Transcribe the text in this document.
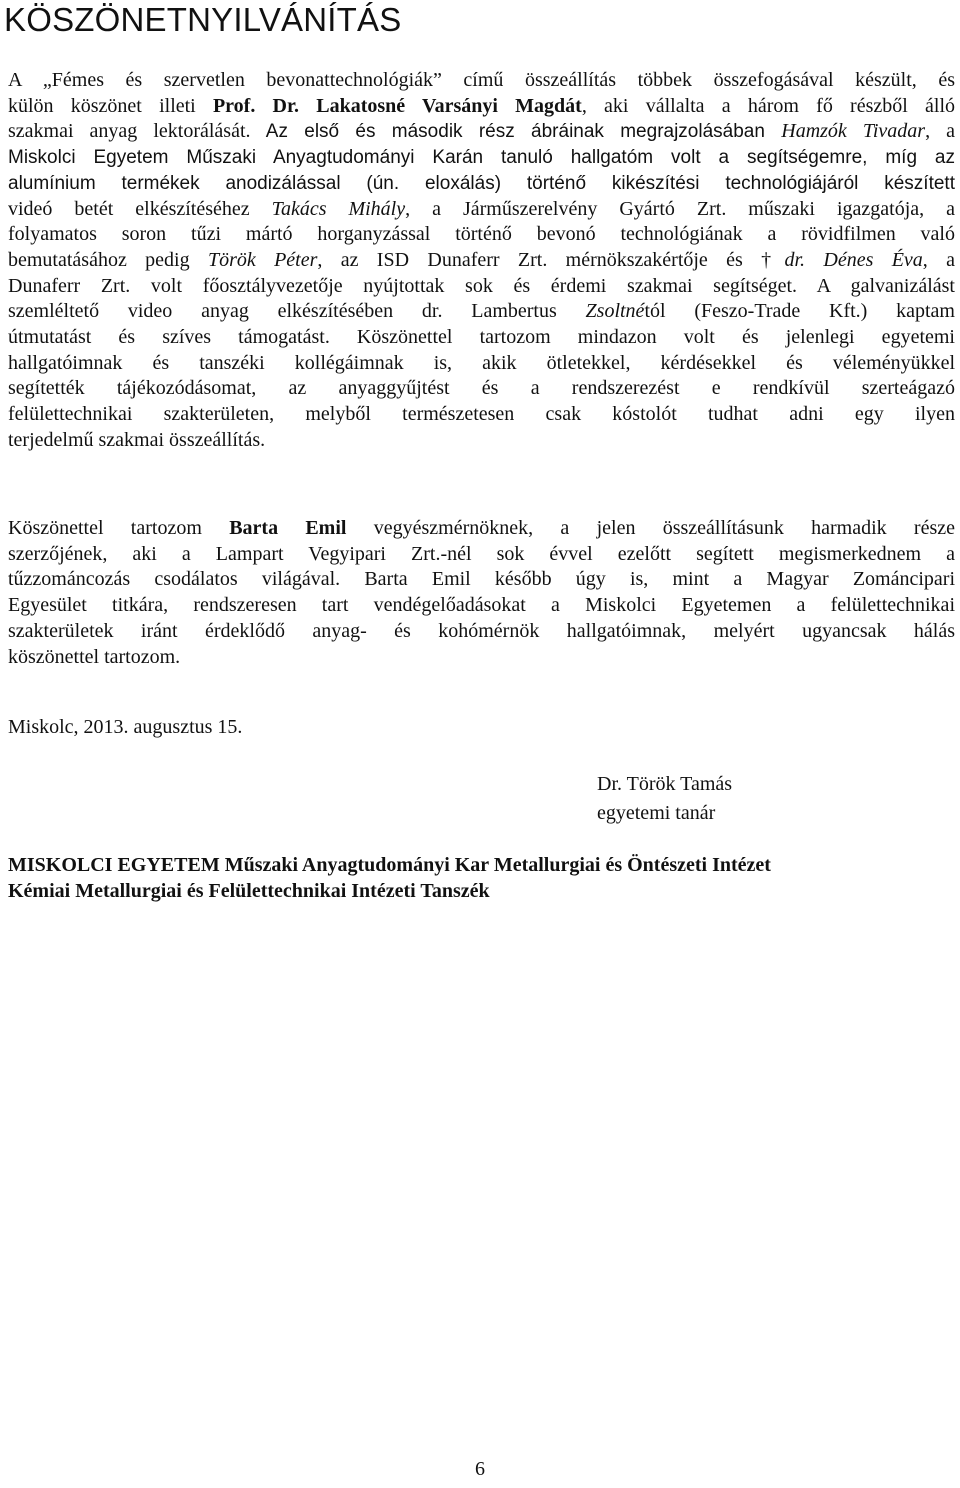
KÖSZÖNETNYILVÁNÍTÁS
A „Fémes és szervetlen bevonattechnológiák” című összeállítás többek összefogásával készült, és
külön köszönet illeti Prof. Dr. Lakatosné Varsányi Magdát, aki vállalta a három fő részből álló
szakmai anyag lektorálását. Az első és második rész ábráinak megrajzolásában Hamzók Tivadar, a
Miskolci Egyetem Műszaki Anyagtudományi Karán tanuló hallgatóm volt a segítségemre, míg az
alumínium termékek anodizálással (ún. eloxálás) történő kikészítési technológiájáról készített
videó betét elkészítéséhez Takács Mihály, a Járműszerelvény Gyártó Zrt. műszaki igazgatója, a
folyamatos soron tűzi mártó horganyzással történő bevonó technológiának a rövidfilmen való
bemutatásához pedig Török Péter, az ISD Dunaferr Zrt. mérnökszakértője és †dr. Dénes Éva, a
Dunaferr Zrt. volt főosztályvezetője nyújtottak sok és érdemi szakmai segítséget. A galvanizálást
szemléltető video anyag elkészítésében dr. Lambertus Zsoltnétól (Feszo-Trade Kft.) kaptam
útmutatást és szíves támogatást. Köszönettel tartozom mindazon volt és jelenlegi egyetemi
hallgatóimnak és tanszéki kollégáimnak is, akik ötletekkel, kérdésekkel és véleményükkel
segítették tájékozódásomat, az anyaggyűjtést és a rendszerezést e rendkívül szerteágazó
felülettechnikai szakterületen, melyből természetesen csak kóstolót tudhat adni egy ilyen
terjedelmű szakmai összeállítás.
Köszönettel tartozom Barta Emil vegyészmérnöknek, a jelen összeállításunk harmadik része
szerzőjének, aki a Lampart Vegyipari Zrt.-nél sok évvel ezelőtt segített megismerkednem a
tűzzománcozás csodálatos világával. Barta Emil később úgy is, mint a Magyar Zománcipari
Egyesület titkára, rendszeresen tart vendégelőadásokat a Miskolci Egyetemen a felülettechnikai
szakterületek iránt érdeklődő anyag- és kohómérnök hallgatóimnak, melyért ugyancsak hálás
köszönettel tartozom.

Miskolc, 2013. augusztus 15.

Dr. Török Tamás
egyetemi tanár
MISKOLCI EGYETEM Műszaki Anyagtudományi Kar Metallurgiai és Öntészeti Intézet
Kémiai Metallurgiai és Felülettechnikai Intézeti Tanszék
6
